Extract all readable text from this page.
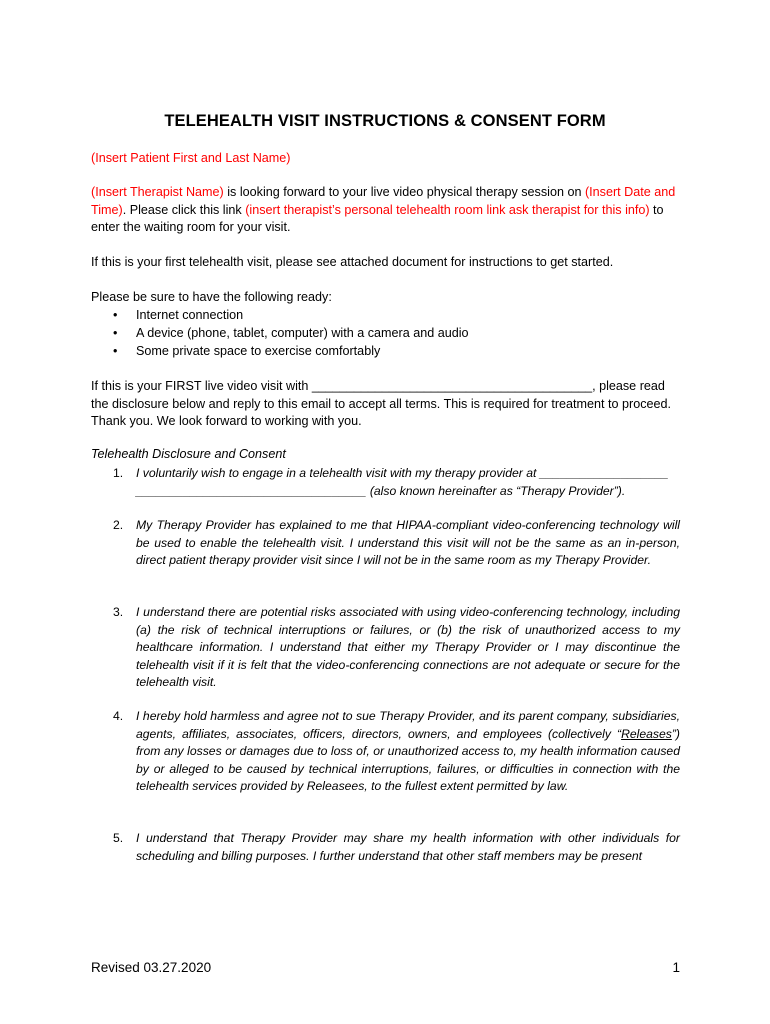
TELEHEALTH VISIT INSTRUCTIONS & CONSENT FORM
(Insert Patient First and Last Name)
(Insert Therapist Name) is looking forward to your live video physical therapy session on (Insert Date and Time). Please click this link (insert therapist’s personal telehealth room link ask therapist for this info) to enter the waiting room for your visit.
If this is your first telehealth visit, please see attached document for instructions to get started.
Please be sure to have the following ready:
•	Internet connection
•	A device (phone, tablet, computer) with a camera and audio
•	Some private space to exercise comfortably
If this is your FIRST live video visit with ________________________________________, please read the disclosure below and reply to this email to accept all terms. This is required for treatment to proceed. Thank you. We look forward to working with you.
Telehealth Disclosure and Consent
1. I voluntarily wish to engage in a telehealth visit with my therapy provider at ___________________ __________________________________ (also known hereinafter as “Therapy Provider”).
2. My Therapy Provider has explained to me that HIPAA-compliant video-conferencing technology will be used to enable the telehealth visit. I understand this visit will not be the same as an in-person, direct patient therapy provider visit since I will not be in the same room as my Therapy Provider.
3. I understand there are potential risks associated with using video-conferencing technology, including (a) the risk of technical interruptions or failures, or (b) the risk of unauthorized access to my healthcare information. I understand that either my Therapy Provider or I may discontinue the telehealth visit if it is felt that the video-conferencing connections are not adequate or secure for the telehealth visit.
4. I hereby hold harmless and agree not to sue Therapy Provider, and its parent company, subsidiaries, agents, affiliates, associates, officers, directors, owners, and employees (collectively “Releases”) from any losses or damages due to loss of, or unauthorized access to, my health information caused by or alleged to be caused by technical interruptions, failures, or difficulties in connection with the telehealth services provided by Releasees, to the fullest extent permitted by law.
5. I understand that Therapy Provider may share my health information with other individuals for scheduling and billing purposes. I further understand that other staff members may be present
Revised 03.27.2020	1
